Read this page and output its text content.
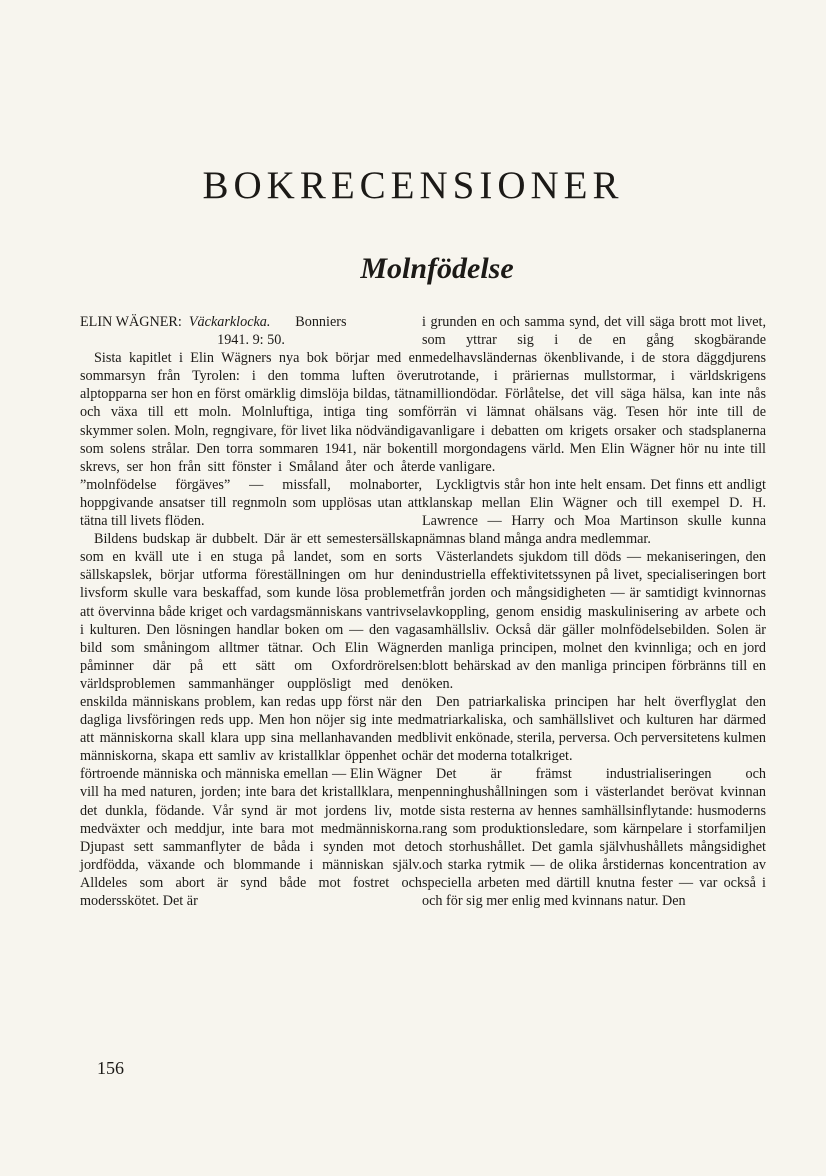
BOKRECENSIONER
Molnfödelse

ELIN WÄGNER: Väckarklocka. Bonniers
1941. 9: 50.

Sista kapitlet i Elin Wägners nya bok börjar med en sommarsyn från Tyrolen: i den tomma luften över alptopparna ser hon en först omärklig dimslöja bildas, tätna och växa till ett moln. Molnluftiga, intiga ting som skymmer solen. Moln, regngivare, för livet lika nödvändiga som solens strålar. Den torra sommaren 1941, när boken skrevs, ser hon från sitt fönster i Småland åter och åter ”molnfödelse förgäves” — missfall, molnaborter, hoppgivande ansatser till regnmoln som upplösas utan att tätna till livets flöden.

Bildens budskap är dubbelt. Där är ett semestersällskap som en kväll ute i en stuga på landet, som en sorts sällskapslek, börjar utforma föreställningen om hur den livsform skulle vara beskaffad, som kunde lösa problemet att övervinna både kriget och vardagsmänniskans vantrivsel i kulturen. Den lösningen handlar boken om — den vaga bild som småningom alltmer tätnar. Och Elin Wägner påminner där på ett sätt om Oxfordrörelsen: världsproblemen sammanhänger oupplösligt med den enskilda människans problem, kan redas upp först när den dagliga livsföringen reds upp. Men hon nöjer sig inte med att människorna skall klara upp sina mellanhavanden med människorna, skapa ett samliv av kristallklar öppenhet och förtroende människa och människa emellan — Elin Wägner vill ha med naturen, jorden; inte bara det kristallklara, men det dunkla, födande. Vår synd är mot jordens liv, mot medväxter och meddjur, inte bara mot medmänniskorna. Djupast sett sammanflyter de båda i synden mot det jordfödda, växande och blommande i människan själv. Alldeles som abort är synd både mot fostret och modersskötet. Det är

i grunden en och samma synd, det vill säga brott mot livet, som yttrar sig i de en gång skogbärande medelhavsländernas ökenblivande, i de stora däggdjurens utrotande, i präriernas mullstormar, i världskrigens milliondödar. Förlåtelse, det vill säga hälsa, kan inte nås förrän vi lämnat ohälsans väg. Tesen hör inte till de vanligare i debatten om krigets orsaker och stadsplanerna till morgondagens värld. Men Elin Wägner hör nu inte till de vanligare.

Lyckligtvis står hon inte helt ensam. Det finns ett andligt klanskap mellan Elin Wägner och till exempel D. H. Lawrence — Harry och Moa Martinson skulle kunna nämnas bland många andra medlemmar.

Västerlandets sjukdom till döds — mekaniseringen, den industriella effektivitetssynen på livet, specialiseringen bort från jorden och mångsidigheten — är samtidigt kvinnornas avkoppling, genom ensidig maskulinisering av arbete och samhällsliv. Också där gäller molnfödelsebilden. Solen är den manliga principen, molnet den kvinnliga; och en jord blott behärskad av den manliga principen förbränns till en öken.

Den patriarkaliska principen har helt överflyglat den matriarkaliska, och samhällslivet och kulturen har därmed blivit enkönade, sterila, perversa. Och perversitetens kulmen är det moderna totalkriget.

Det är främst industrialiseringen och penninghushållningen som i västerlandet berövat kvinnan de sista resterna av hennes samhällsinflytande: husmoderns rang som produktionsledare, som kärnpelare i storfamiljen och storhushållet. Det gamla självhushållets mångsidighet och starka rytmik — de olika årstidernas koncentration av speciella arbeten med därtill knutna fester — var också i och för sig mer enlig med kvinnans natur. Den

156
